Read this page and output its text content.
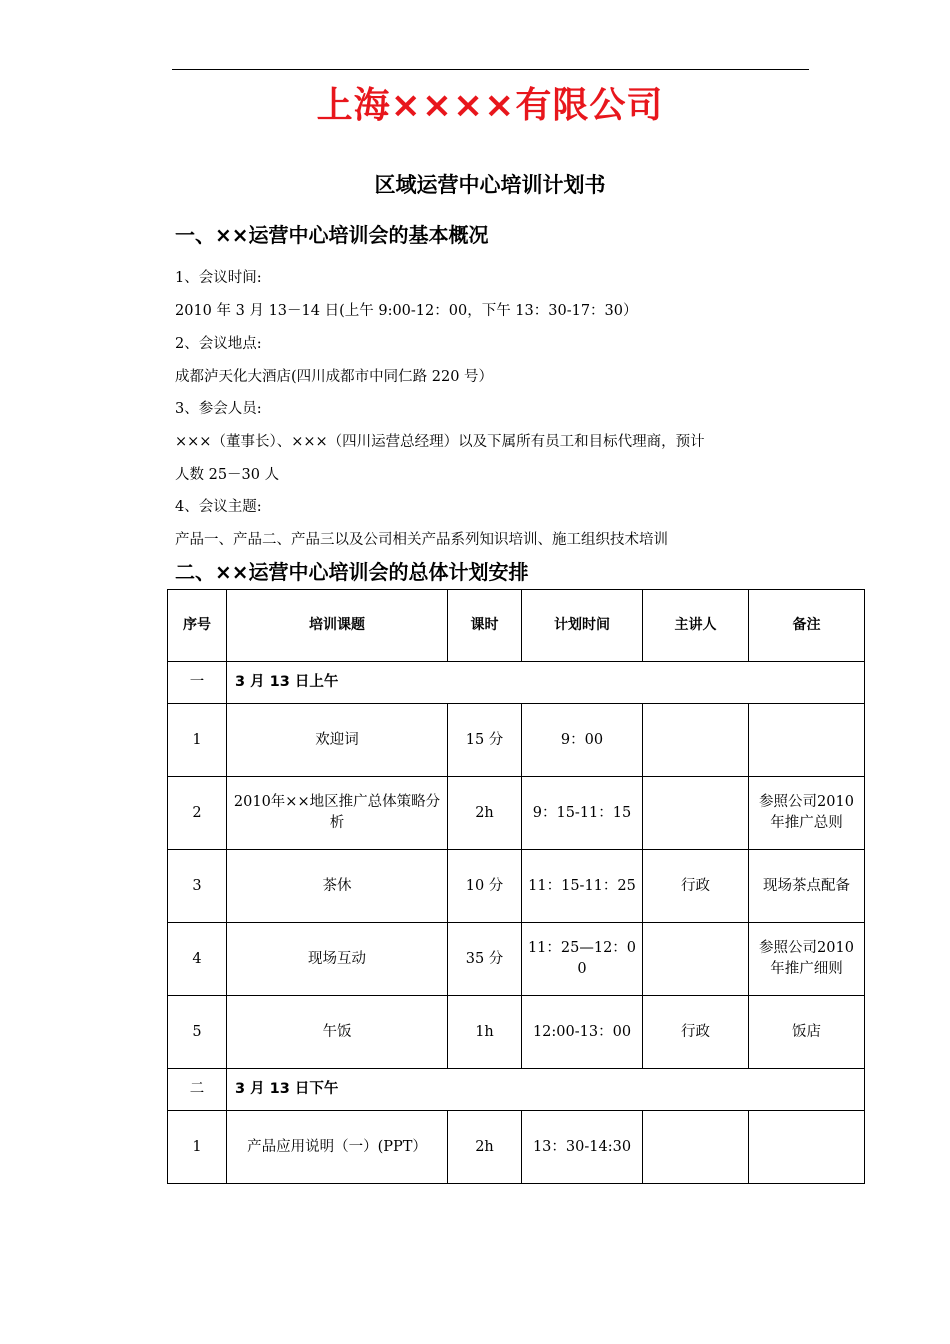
上海××××有限公司
区域运营中心培训计划书
一、××运营中心培训会的基本概况
1、会议时间:
2010 年 3 月 13－14 日(上午 9:00-12：00，下午 13：30-17：30）
2、会议地点:
成都泸天化大酒店(四川成都市中同仁路 220 号）
3、参会人员:
×××（董事长）、×××（四川运营总经理）以及下属所有员工和目标代理商，预计
人数 25－30 人
4、会议主题:
产品一、产品二、产品三以及公司相关产品系列知识培训、施工组织技术培训
二、××运营中心培训会的总体计划安排
序号	培训课题	课时	计划时间	主讲人	备注
一	3 月 13 日上午				
1	欢迎词	15 分	9：00		
2	2010年××地区推广总体策略分析	2h	9：15-11：15		参照公司2010 年推广总则
3	茶休	10 分	11：15-11：25	行政	现场茶点配备
4	现场互动	35 分	11：25—12：00		参照公司2010 年推广细则
5	午饭	1h	12:00-13：00	行政	饭店
二	3 月 13 日下午				
1	产品应用说明（一）(PPT）	2h	13：30-14:30		
